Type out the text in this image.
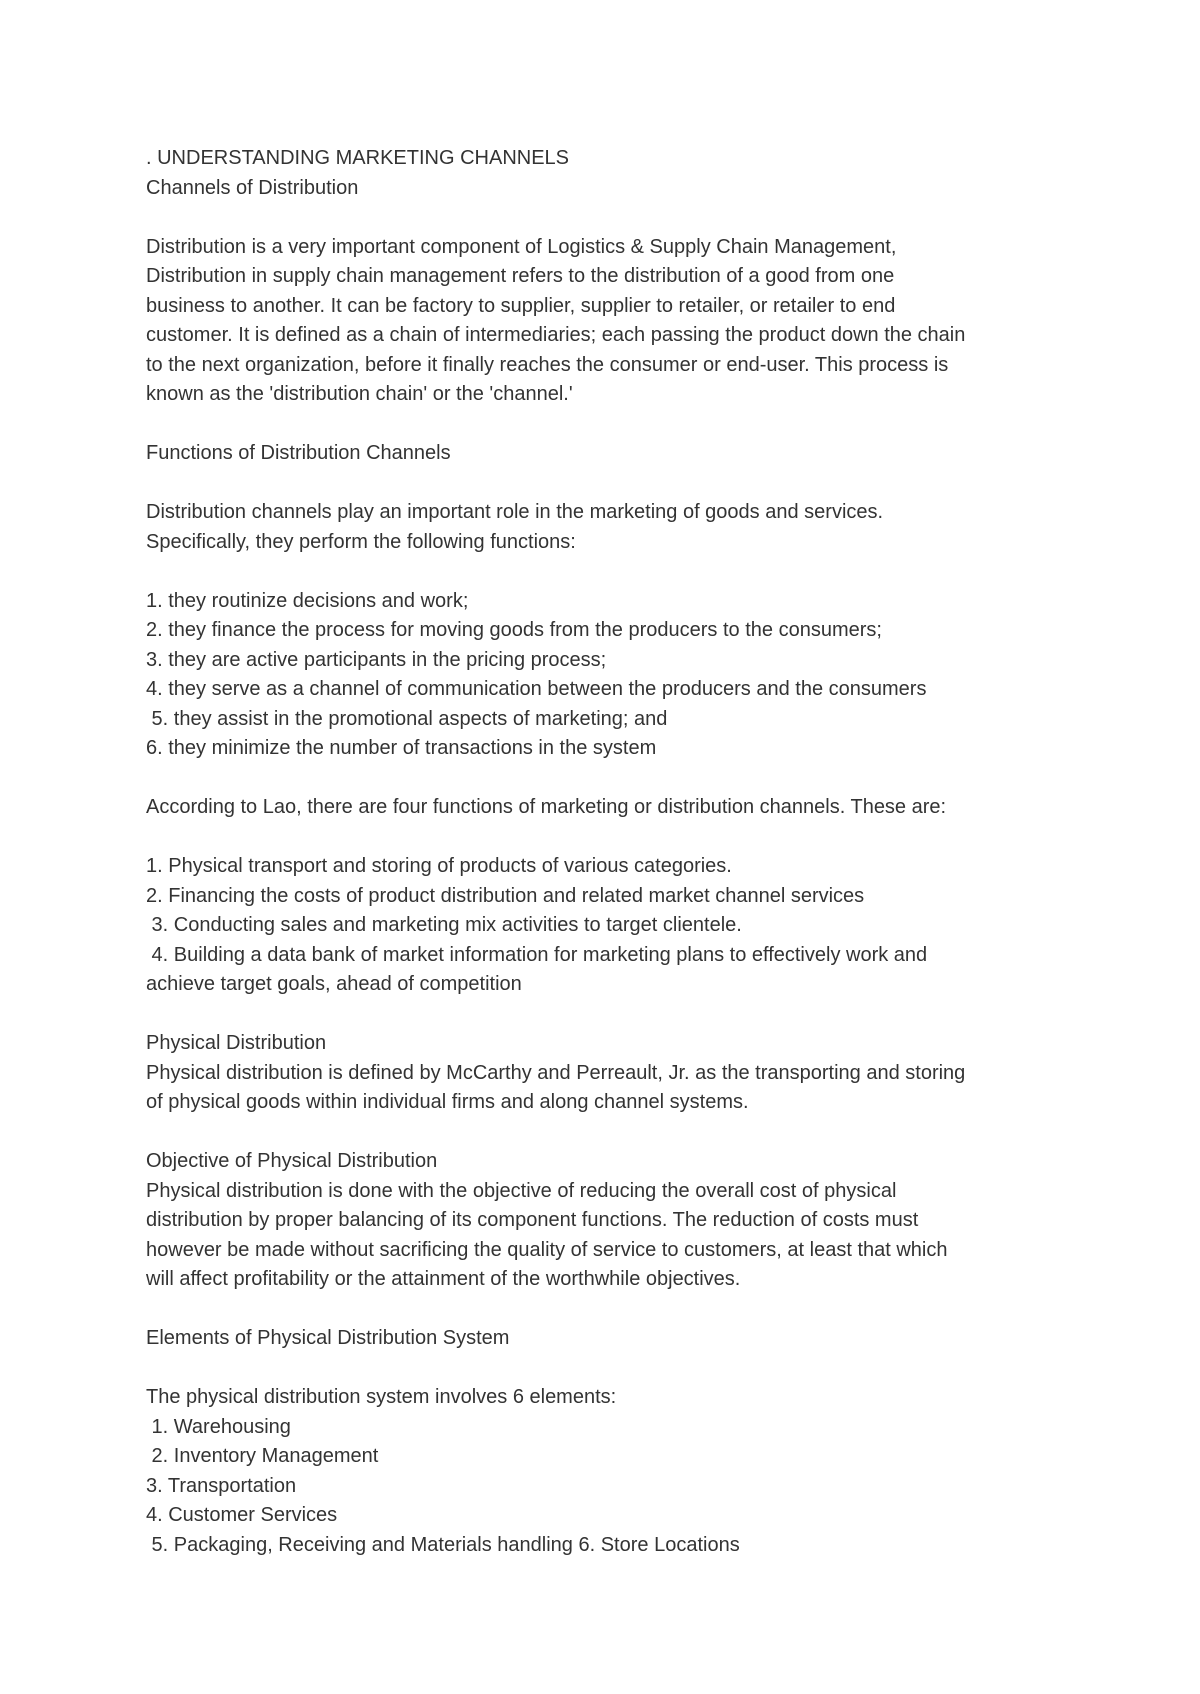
. UNDERSTANDING MARKETING CHANNELS
Channels of Distribution
Distribution is a very important component of Logistics & Supply Chain Management,
Distribution in supply chain management refers to the distribution of a good from one
business to another. It can be factory to supplier, supplier to retailer, or retailer to end
customer. It is defined as a chain of intermediaries; each passing the product down the chain
to the next organization, before it finally reaches the consumer or end-user. This process is
known as the 'distribution chain' or the 'channel.'
Functions of Distribution Channels
Distribution channels play an important role in the marketing of goods and services.
Specifically, they perform the following functions:
1. they routinize decisions and work;
2. they finance the process for moving goods from the producers to the consumers;
3. they are active participants in the pricing process;
4. they serve as a channel of communication between the producers and the consumers
5. they assist in the promotional aspects of marketing; and
6. they minimize the number of transactions in the system
According to Lao, there are four functions of marketing or distribution channels. These are:
1. Physical transport and storing of products of various categories.
2. Financing the costs of product distribution and related market channel services
3. Conducting sales and marketing mix activities to target clientele.
4. Building a data bank of market information for marketing plans to effectively work and
achieve target goals, ahead of competition
Physical Distribution
Physical distribution is defined by McCarthy and Perreault, Jr. as the transporting and storing
of physical goods within individual firms and along channel systems.
Objective of Physical Distribution
Physical distribution is done with the objective of reducing the overall cost of physical
distribution by proper balancing of its component functions. The reduction of costs must
however be made without sacrificing the quality of service to customers, at least that which
will affect profitability or the attainment of the worthwhile objectives.
Elements of Physical Distribution System
The physical distribution system involves 6 elements:
1. Warehousing
2. Inventory Management
3. Transportation
4. Customer Services
5. Packaging, Receiving and Materials handling 6. Store Locations
